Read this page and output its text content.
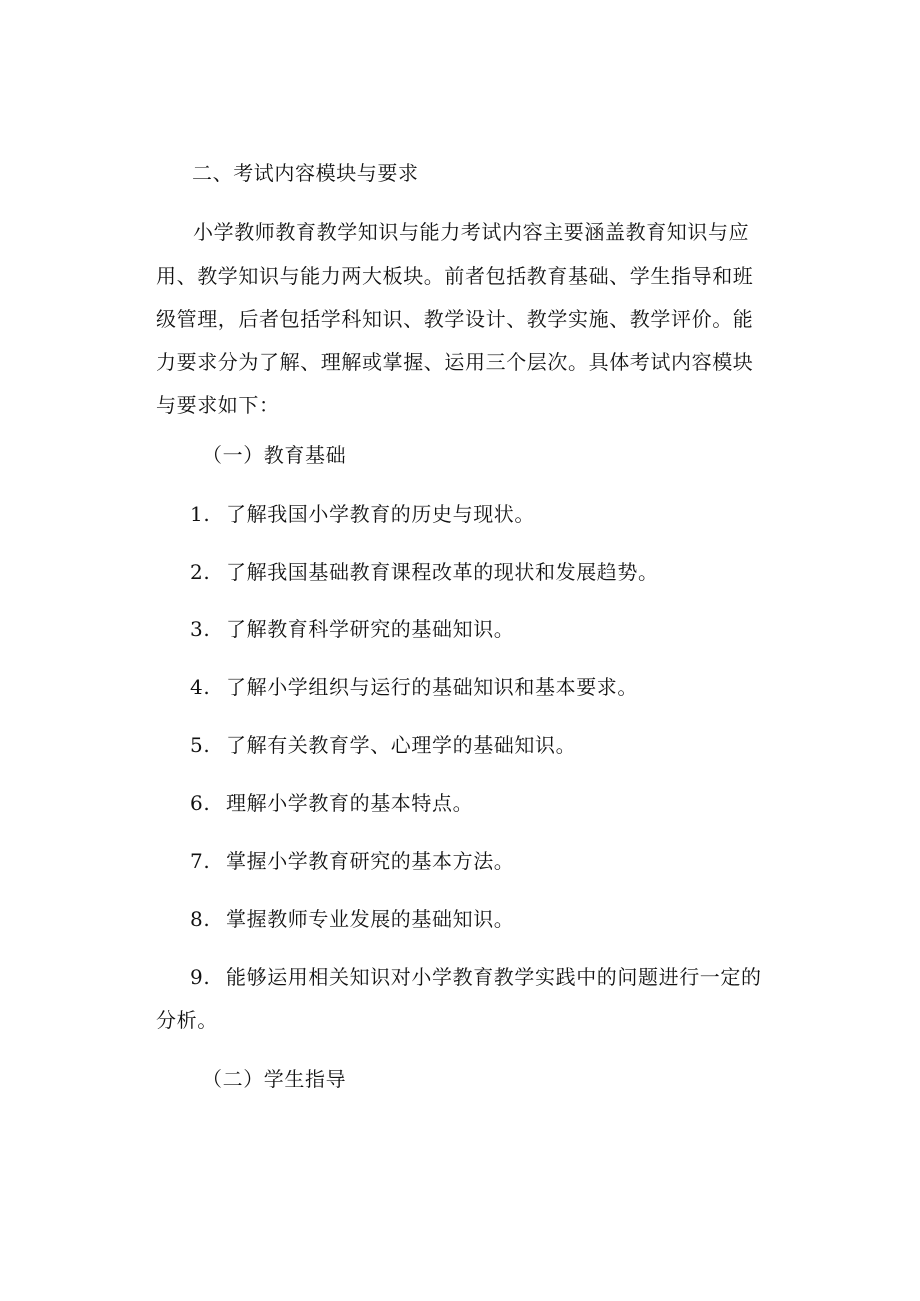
二、考试内容模块与要求

小学教师教育教学知识与能力考试内容主要涵盖教育知识与应

用、教学知识与能力两大板块。前者包括教育基础、学生指导和班

级管理，后者包括学科知识、教学设计、教学实施、教学评价。能

力要求分为了解、理解或掌握、运用三个层次。具体考试内容模块

与要求如下：

（一）教育基础

1. 了解我国小学教育的历史与现状。

2. 了解我国基础教育课程改革的现状和发展趋势。

3. 了解教育科学研究的基础知识。

4. 了解小学组织与运行的基础知识和基本要求。

5. 了解有关教育学、心理学的基础知识。

6. 理解小学教育的基本特点。

7. 掌握小学教育研究的基本方法。

8. 掌握教师专业发展的基础知识。

9. 能够运用相关知识对小学教育教学实践中的问题进行一定的

分析。

（二）学生指导
